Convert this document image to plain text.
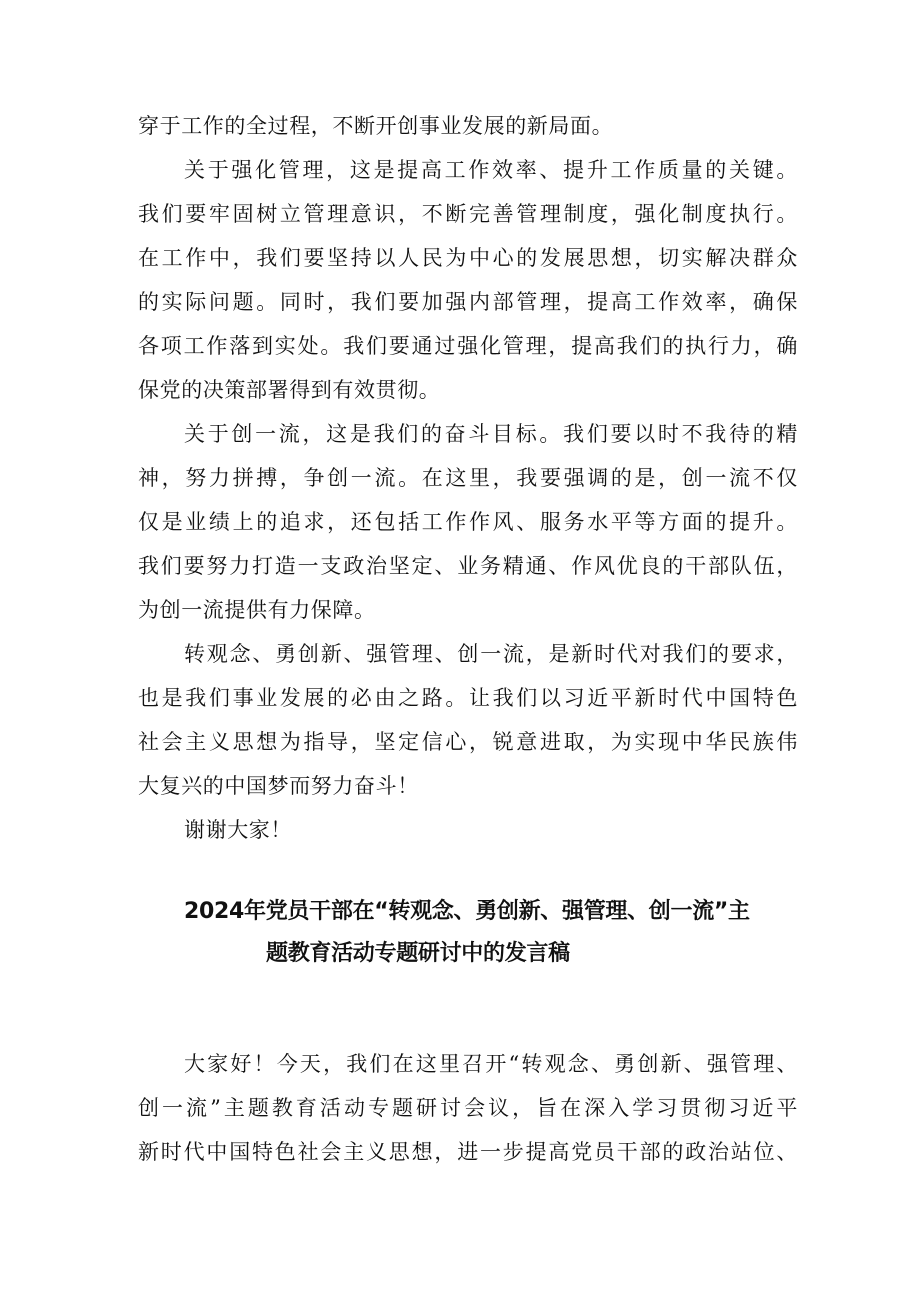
穿于工作的全过程，不断开创事业发展的新局面。
关于强化管理，这是提高工作效率、提升工作质量的关键。
我们要牢固树立管理意识，不断完善管理制度，强化制度执行。
在工作中，我们要坚持以人民为中心的发展思想，切实解决群众
的实际问题。同时，我们要加强内部管理，提高工作效率，确保
各项工作落到实处。我们要通过强化管理，提高我们的执行力，确
保党的决策部署得到有效贯彻。
关于创一流，这是我们的奋斗目标。我们要以时不我待的精
神，努力拼搏，争创一流。在这里，我要强调的是，创一流不仅
仅是业绩上的追求，还包括工作作风、服务水平等方面的提升。
我们要努力打造一支政治坚定、业务精通、作风优良的干部队伍，
为创一流提供有力保障。
转观念、勇创新、强管理、创一流，是新时代对我们的要求，
也是我们事业发展的必由之路。让我们以习近平新时代中国特色
社会主义思想为指导，坚定信心，锐意进取，为实现中华民族伟
大复兴的中国梦而努力奋斗！
谢谢大家！
2024年党员干部在“转观念、勇创新、强管理、创一流”主
题教育活动专题研讨中的发言稿
大家好！今天，我们在这里召开“转观念、勇创新、强管理、
创一流”主题教育活动专题研讨会议，旨在深入学习贯彻习近平
新时代中国特色社会主义思想，进一步提高党员干部的政治站位、
